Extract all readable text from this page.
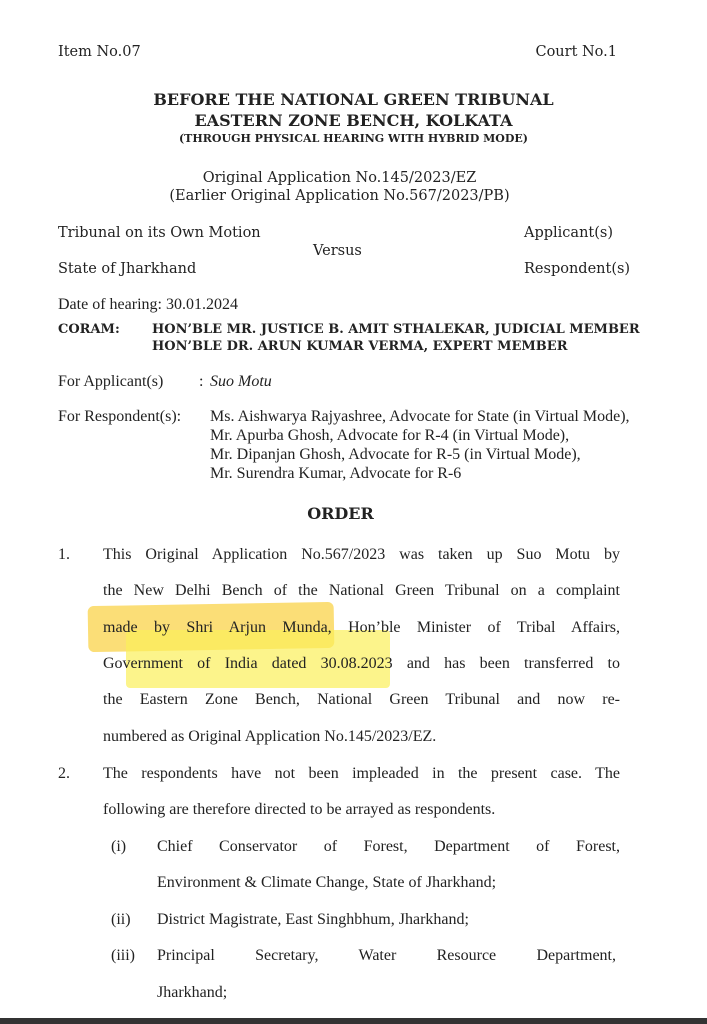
Item No.07	Court No.1
BEFORE THE NATIONAL GREEN TRIBUNAL
EASTERN ZONE BENCH, KOLKATA
(THROUGH PHYSICAL HEARING WITH HYBRID MODE)
Original Application No.145/2023/EZ
(Earlier Original Application No.567/2023/PB)
Tribunal on its Own Motion	Applicant(s)
Versus
State of Jharkhand	Respondent(s)
Date of hearing: 30.01.2024
CORAM: HON’BLE MR. JUSTICE B. AMIT STHALEKAR, JUDICIAL MEMBER
HON’BLE DR. ARUN KUMAR VERMA, EXPERT MEMBER
For Applicant(s) : Suo Motu
For Respondent(s): Ms. Aishwarya Rajyashree, Advocate for State (in Virtual Mode),
Mr. Apurba Ghosh, Advocate for R-4 (in Virtual Mode),
Mr. Dipanjan Ghosh, Advocate for R-5 (in Virtual Mode),
Mr. Surendra Kumar, Advocate for R-6
ORDER
1. This Original Application No.567/2023 was taken up Suo Motu by
the New Delhi Bench of the National Green Tribunal on a complaint
made by Shri Arjun Munda, Hon’ble Minister of Tribal Affairs,
Government of India dated 30.08.2023 and has been transferred to
the Eastern Zone Bench, National Green Tribunal and now re-
numbered as Original Application No.145/2023/EZ.
2. The respondents have not been impleaded in the present case. The
following are therefore directed to be arrayed as respondents.
(i) Chief Conservator of Forest, Department of Forest,
Environment & Climate Change, State of Jharkhand;
(ii) District Magistrate, East Singhbhum, Jharkhand;
(iii) Principal Secretary, Water Resource Department,
Jharkhand;
